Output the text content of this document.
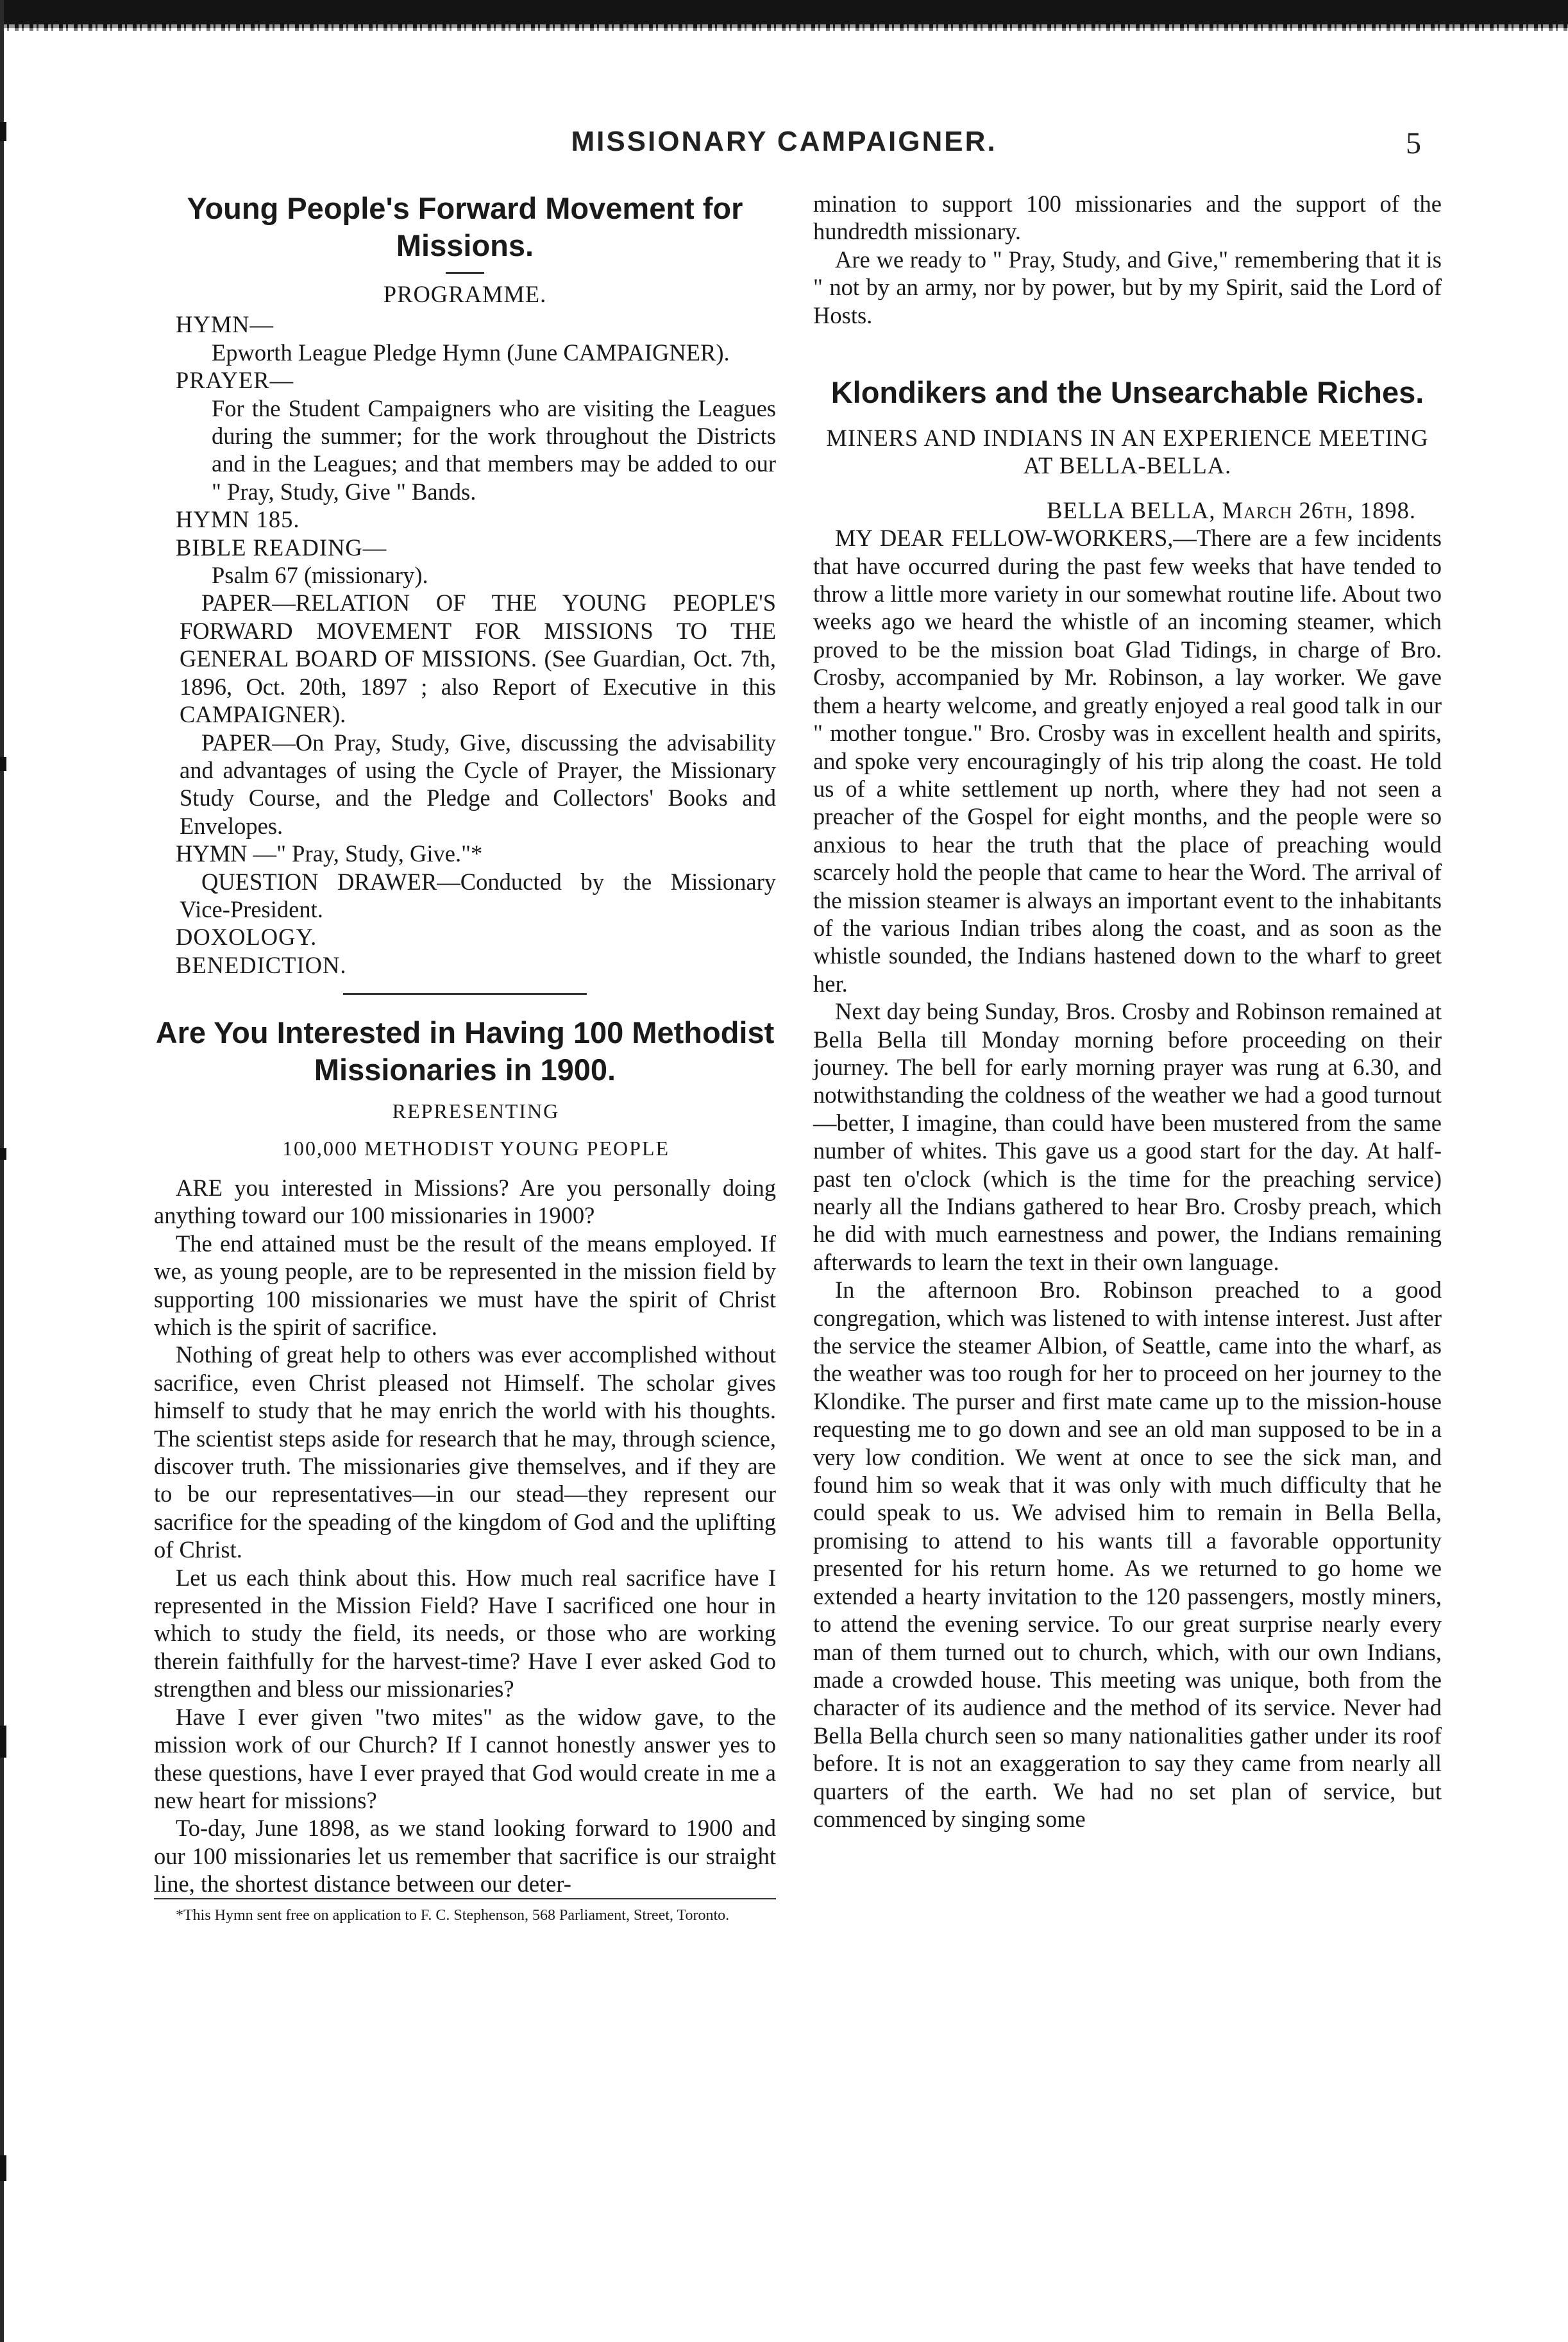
MISSIONARY CAMPAIGNER.	5
Young People's Forward Movement for Missions.

PROGRAMME.

HYMN—

Epworth League Pledge Hymn (June CAMPAIGNER).

PRAYER—

For the Student Campaigners who are visiting the Leagues during the summer; for the work throughout the Districts and in the Leagues; and that members may be added to our " Pray, Study, Give " Bands.

HYMN 185.

BIBLE READING—

Psalm 67 (missionary).

PAPER—RELATION OF THE YOUNG PEOPLE'S FORWARD MOVEMENT FOR MISSIONS TO THE GENERAL BOARD OF MISSIONS. (See Guardian, Oct. 7th, 1896, Oct. 20th, 1897 ; also Report of Executive in this CAMPAIGNER).

PAPER—On Pray, Study, Give, discussing the advisability and advantages of using the Cycle of Prayer, the Missionary Study Course, and the Pledge and Collectors' Books and Envelopes.

HYMN —" Pray, Study, Give."*

QUESTION DRAWER—Conducted by the Missionary Vice-President.

DOXOLOGY.

BENEDICTION.

Are You Interested in Having 100 Methodist Missionaries in 1900.

REPRESENTING

100,000 METHODIST YOUNG PEOPLE

ARE you interested in Missions? Are you personally doing anything toward our 100 missionaries in 1900?

The end attained must be the result of the means employed. If we, as young people, are to be represented in the mission field by supporting 100 missionaries we must have the spirit of Christ which is the spirit of sacrifice.

Nothing of great help to others was ever accomplished without sacrifice, even Christ pleased not Himself. The scholar gives himself to study that he may enrich the world with his thoughts. The scientist steps aside for research that he may, through science, discover truth. The missionaries give themselves, and if they are to be our representatives—in our stead—they represent our sacrifice for the speading of the kingdom of God and the uplifting of Christ.

Let us each think about this. How much real sacrifice have I represented in the Mission Field? Have I sacrificed one hour in which to study the field, its needs, or those who are working therein faithfully for the harvest-time? Have I ever asked God to strengthen and bless our missionaries?

Have I ever given "two mites" as the widow gave, to the mission work of our Church? If I cannot honestly answer yes to these questions, have I ever prayed that God would create in me a new heart for missions?

To-day, June 1898, as we stand looking forward to 1900 and our 100 missionaries let us remember that sacrifice is our straight line, the shortest distance between our deter-

*This Hymn sent free on application to F. C. Stephenson, 568 Parliament, Street, Toronto.

mination to support 100 missionaries and the support of the hundredth missionary.

Are we ready to " Pray, Study, and Give," remembering that it is " not by an army, nor by power, but by my Spirit, said the Lord of Hosts.

Klondikers and the Unsearchable Riches.

MINERS AND INDIANS IN AN EXPERIENCE MEETING AT BELLA-BELLA.

BELLA BELLA, March 26th, 1898.

MY DEAR FELLOW-WORKERS,—There are a few incidents that have occurred during the past few weeks that have tended to throw a little more variety in our somewhat routine life. About two weeks ago we heard the whistle of an incoming steamer, which proved to be the mission boat Glad Tidings, in charge of Bro. Crosby, accompanied by Mr. Robinson, a lay worker. We gave them a hearty welcome, and greatly enjoyed a real good talk in our " mother tongue." Bro. Crosby was in excellent health and spirits, and spoke very encouragingly of his trip along the coast. He told us of a white settlement up north, where they had not seen a preacher of the Gospel for eight months, and the people were so anxious to hear the truth that the place of preaching would scarcely hold the people that came to hear the Word. The arrival of the mission steamer is always an important event to the inhabitants of the various Indian tribes along the coast, and as soon as the whistle sounded, the Indians hastened down to the wharf to greet her.

Next day being Sunday, Bros. Crosby and Robinson remained at Bella Bella till Monday morning before proceeding on their journey. The bell for early morning prayer was rung at 6.30, and notwithstanding the coldness of the weather we had a good turnout—better, I imagine, than could have been mustered from the same number of whites. This gave us a good start for the day. At half-past ten o'clock (which is the time for the preaching service) nearly all the Indians gathered to hear Bro. Crosby preach, which he did with much earnestness and power, the Indians remaining afterwards to learn the text in their own language.

In the afternoon Bro. Robinson preached to a good congregation, which was listened to with intense interest. Just after the service the steamer Albion, of Seattle, came into the wharf, as the weather was too rough for her to proceed on her journey to the Klondike. The purser and first mate came up to the mission-house requesting me to go down and see an old man supposed to be in a very low condition. We went at once to see the sick man, and found him so weak that it was only with much difficulty that he could speak to us. We advised him to remain in Bella Bella, promising to attend to his wants till a favorable opportunity presented for his return home. As we returned to go home we extended a hearty invitation to the 120 passengers, mostly miners, to attend the evening service. To our great surprise nearly every man of them turned out to church, which, with our own Indians, made a crowded house. This meeting was unique, both from the character of its audience and the method of its service. Never had Bella Bella church seen so many nationalities gather under its roof before. It is not an exaggeration to say they came from nearly all quarters of the earth. We had no set plan of service, but commenced by singing some
